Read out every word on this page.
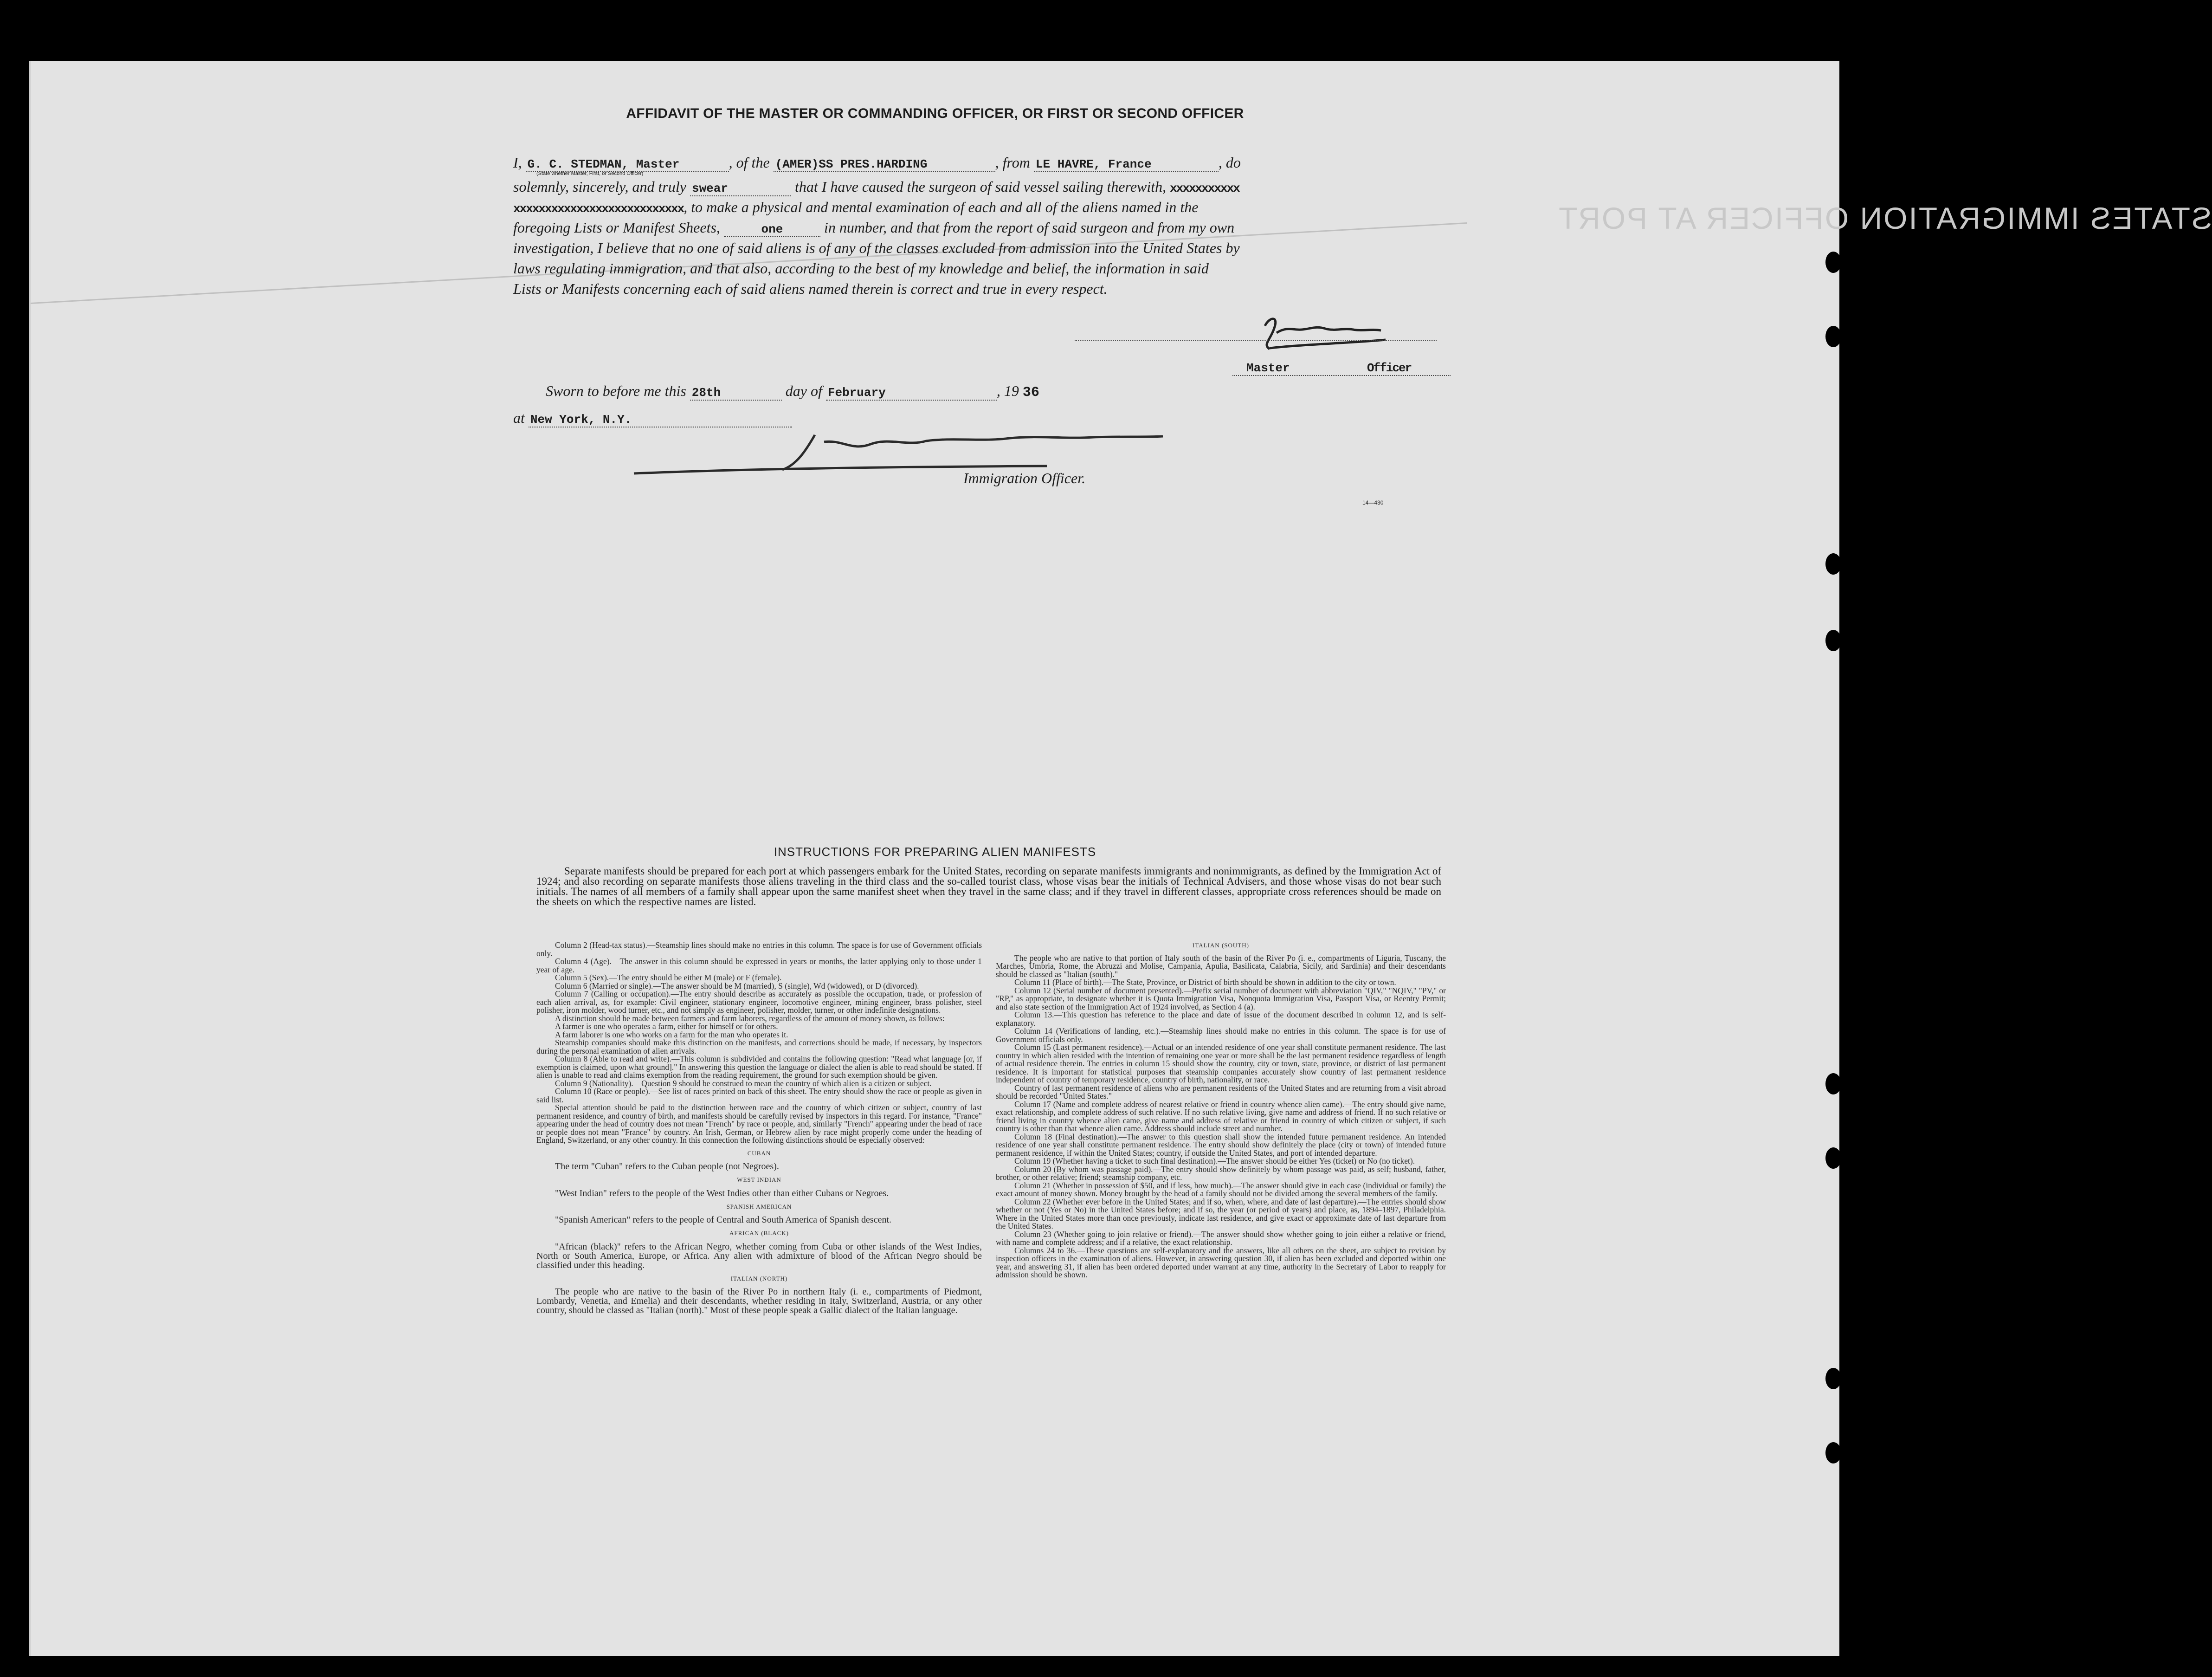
STATES IMMIGRATION OFFICER AT PORT
AFFIDAVIT OF THE MASTER OR COMMANDING OFFICER, OR FIRST OR SECOND OFFICER
I, G. C. STEDMAN, Master	, of the (AMER)SS PRES.HARDING	, from LE HAVRE, France	, do
(State whether Master, First, or Second Officer)
solemnly, sincerely, and truly swear	that I have caused the surgeon of said vessel sailing therewith, xxxxxxxxxxx
xxxxxxxxxxxxxxxxxxxxxxxxxxx, to make a physical and mental examination of each and all of the aliens named in the
foregoing Lists or Manifest Sheets,	one	in number, and that from the report of said surgeon and from my own
investigation, I believe that no one of said aliens is of any of the classes excluded from admission into the United States by
laws regulating immigration, and that also, according to the best of my knowledge and belief, the information in said
Lists or Manifests concerning each of said aliens named therein is correct and true in every respect.
Master	Officer
Sworn to before me this 28th	day of February	, 19 36
at New York, N.Y.
Immigration Officer.
14—430
INSTRUCTIONS FOR PREPARING ALIEN MANIFESTS

Separate manifests should be prepared for each port at which passengers embark for the United States, recording on separate manifests immigrants and nonimmigrants, as defined by the Immigration Act of 1924; and also recording on separate manifests those aliens traveling in the third class and the so-called tourist class, whose visas bear the initials of Technical Advisers, and those whose visas do not bear such initials. The names of all members of a family shall appear upon the same manifest sheet when they travel in the same class; and if they travel in different classes, appropriate cross references should be made on the sheets on which the respective names are listed.

Column 2 (Head-tax status).—Steamship lines should make no entries in this column. The space is for use of Government officials only.

Column 4 (Age).—The answer in this column should be expressed in years or months, the latter applying only to those under 1 year of age.

Column 5 (Sex).—The entry should be either M (male) or F (female).

Column 6 (Married or single).—The answer should be M (married), S (single), Wd (widowed), or D (divorced).

Column 7 (Calling or occupation).—The entry should describe as accurately as possible the occupation, trade, or profession of each alien arrival, as, for example: Civil engineer, stationary engineer, locomotive engineer, mining engineer, brass polisher, steel polisher, iron molder, wood turner, etc., and not simply as engineer, polisher, molder, turner, or other indefinite designations.

A distinction should be made between farmers and farm laborers, regardless of the amount of money shown, as follows:

A farmer is one who operates a farm, either for himself or for others.

A farm laborer is one who works on a farm for the man who operates it.

Steamship companies should make this distinction on the manifests, and corrections should be made, if necessary, by inspectors during the personal examination of alien arrivals.

Column 8 (Able to read and write).—This column is subdivided and contains the following question: "Read what language [or, if exemption is claimed, upon what ground]." In answering this question the language or dialect the alien is able to read should be stated. If alien is unable to read and claims exemption from the reading requirement, the ground for such exemption should be given.

Column 9 (Nationality).—Question 9 should be construed to mean the country of which alien is a citizen or subject.

Column 10 (Race or people).—See list of races printed on back of this sheet. The entry should show the race or people as given in said list.

Special attention should be paid to the distinction between race and the country of which citizen or subject, country of last permanent residence, and country of birth, and manifests should be carefully revised by inspectors in this regard. For instance, "France" appearing under the head of country does not mean "French" by race or people, and, similarly "French" appearing under the head of race or people does not mean "France" by country. An Irish, German, or Hebrew alien by race might properly come under the heading of England, Switzerland, or any other country. In this connection the following distinctions should be especially observed:

CUBAN

The term "Cuban" refers to the Cuban people (not Negroes).

WEST INDIAN

"West Indian" refers to the people of the West Indies other than either Cubans or Negroes.

SPANISH AMERICAN

"Spanish American" refers to the people of Central and South America of Spanish descent.

AFRICAN (BLACK)

"African (black)" refers to the African Negro, whether coming from Cuba or other islands of the West Indies, North or South America, Europe, or Africa. Any alien with admixture of blood of the African Negro should be classified under this heading.

ITALIAN (NORTH)

The people who are native to the basin of the River Po in northern Italy (i. e., compartments of Piedmont, Lombardy, Venetia, and Emelia) and their descendants, whether residing in Italy, Switzerland, Austria, or any other country, should be classed as "Italian (north)." Most of these people speak a Gallic dialect of the Italian language.

ITALIAN (SOUTH)

The people who are native to that portion of Italy south of the basin of the River Po (i. e., compartments of Liguria, Tuscany, the Marches, Umbria, Rome, the Abruzzi and Molise, Campania, Apulia, Basilicata, Calabria, Sicily, and Sardinia) and their descendants should be classed as "Italian (south)."

Column 11 (Place of birth).—The State, Province, or District of birth should be shown in addition to the city or town.

Column 12 (Serial number of document presented).—Prefix serial number of document with abbreviation "QIV," "NQIV," "PV," or "RP," as appropriate, to designate whether it is Quota Immigration Visa, Nonquota Immigration Visa, Passport Visa, or Reentry Permit; and also state section of the Immigration Act of 1924 involved, as Section 4 (a).

Column 13.—This question has reference to the place and date of issue of the document described in column 12, and is self-explanatory.

Column 14 (Verifications of landing, etc.).—Steamship lines should make no entries in this column. The space is for use of Government officials only.

Column 15 (Last permanent residence).—Actual or an intended residence of one year shall constitute permanent residence. The last country in which alien resided with the intention of remaining one year or more shall be the last permanent residence regardless of length of actual residence therein. The entries in column 15 should show the country, city or town, state, province, or district of last permanent residence. It is important for statistical purposes that steamship companies accurately show country of last permanent residence independent of country of temporary residence, country of birth, nationality, or race.

Country of last permanent residence of aliens who are permanent residents of the United States and are returning from a visit abroad should be recorded "United States."

Column 17 (Name and complete address of nearest relative or friend in country whence alien came).—The entry should give name, exact relationship, and complete address of such relative. If no such relative living, give name and address of friend. If no such relative or friend living in country whence alien came, give name and address of relative or friend in country of which citizen or subject, if such country is other than that whence alien came. Address should include street and number.

Column 18 (Final destination).—The answer to this question shall show the intended future permanent residence. An intended residence of one year shall constitute permanent residence. The entry should show definitely the place (city or town) of intended future permanent residence, if within the United States; country, if outside the United States, and port of intended departure.

Column 19 (Whether having a ticket to such final destination).—The answer should be either Yes (ticket) or No (no ticket).

Column 20 (By whom was passage paid).—The entry should show definitely by whom passage was paid, as self; husband, father, brother, or other relative; friend; steamship company, etc.

Column 21 (Whether in possession of $50, and if less, how much).—The answer should give in each case (individual or family) the exact amount of money shown. Money brought by the head of a family should not be divided among the several members of the family.

Column 22 (Whether ever before in the United States; and if so, when, where, and date of last departure).—The entries should show whether or not (Yes or No) in the United States before; and if so, the year (or period of years) and place, as, 1894–1897, Philadelphia. Where in the United States more than once previously, indicate last residence, and give exact or approximate date of last departure from the United States.

Column 23 (Whether going to join relative or friend).—The answer should show whether going to join either a relative or friend, with name and complete address; and if a relative, the exact relationship.

Columns 24 to 36.—These questions are self-explanatory and the answers, like all others on the sheet, are subject to revision by inspection officers in the examination of aliens. However, in answering question 30, if alien has been excluded and deported within one year, and answering 31, if alien has been ordered deported under warrant at any time, authority in the Secretary of Labor to reapply for admission should be shown.
